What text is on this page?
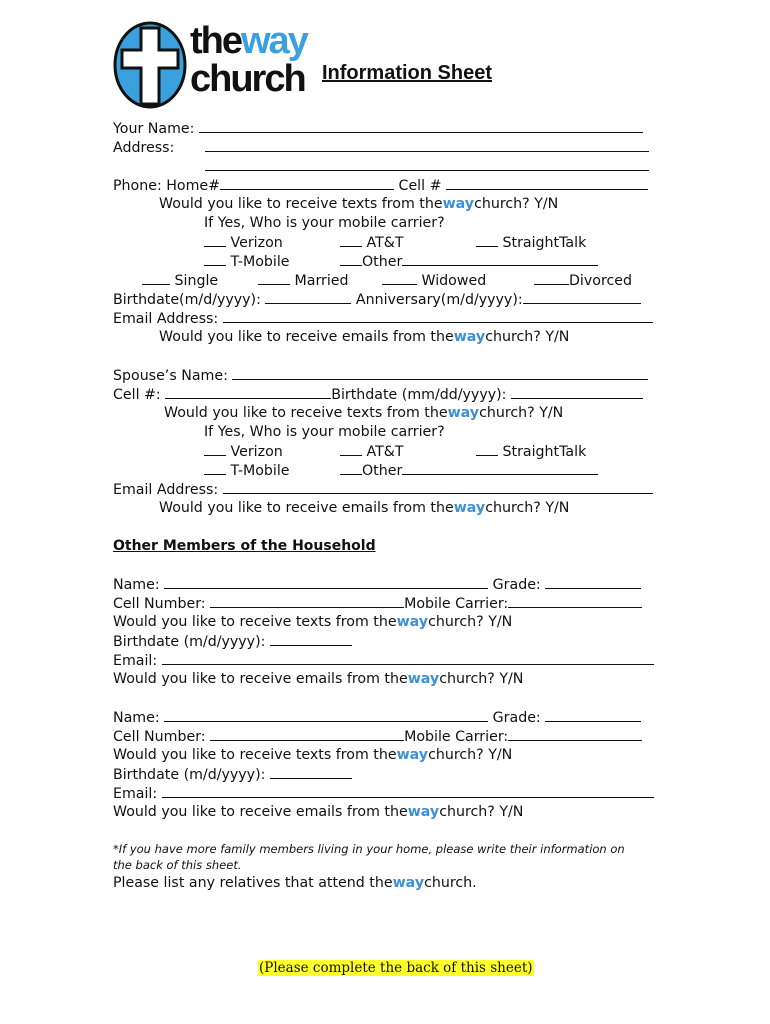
theway
church Information Sheet
Your Name:
Address:
Phone: Home#	Cell #
Would you like to receive texts from thewaychurch? Y/N
If Yes, Who is your mobile carrier?
Verizon	AT&T	StraightTalk
T-Mobile	Other
Single	Married	Widowed	Divorced
Birthdate(m/d/yyyy):	Anniversary(m/d/yyyy):
Email Address:
Would you like to receive emails from thewaychurch? Y/N
Spouse’s Name:
Cell #:	Birthdate (mm/dd/yyyy):
Would you like to receive texts from thewaychurch? Y/N
If Yes, Who is your mobile carrier?
Verizon	AT&T	StraightTalk
T-Mobile	Other
Email Address:
Would you like to receive emails from thewaychurch? Y/N
Other Members of the Household
Name:	Grade:
Cell Number:	Mobile Carrier:
Would you like to receive texts from thewaychurch? Y/N
Birthdate (m/d/yyyy):
Email:
Would you like to receive emails from thewaychurch? Y/N
Name:	Grade:
Cell Number:	Mobile Carrier:
Would you like to receive texts from thewaychurch? Y/N
Birthdate (m/d/yyyy):
Email:
Would you like to receive emails from thewaychurch? Y/N
*If you have more family members living in your home, please write their information on
the back of this sheet.
Please list any relatives that attend thewaychurch.
(Please complete the back of this sheet)
